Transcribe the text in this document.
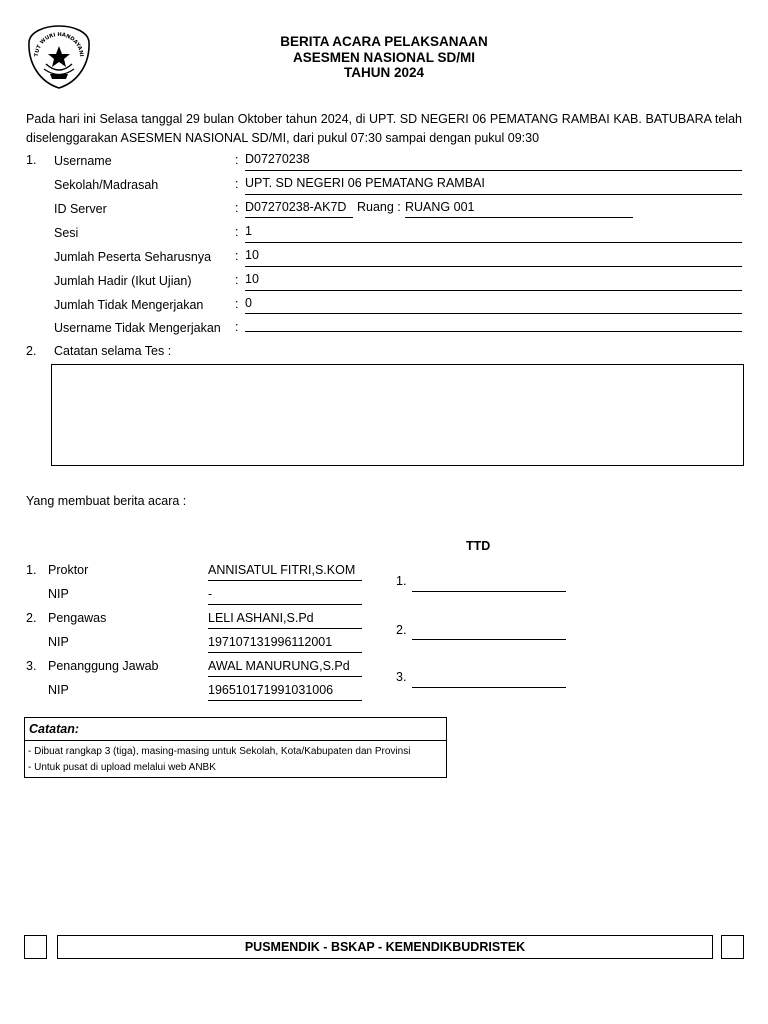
TUT WURI HANDAYANI
BERITA ACARA PELAKSANAAN
ASESMEN NASIONAL SD/MI
TAHUN 2024
Pada hari ini Selasa tanggal 29 bulan Oktober tahun 2024, di UPT. SD NEGERI 06 PEMATANG RAMBAI KAB. BATUBARA telah diselenggarakan ASESMEN NASIONAL SD/MI, dari pukul 07:30 sampai dengan pukul 09:30
1. Username	: D07270238
Sekolah/Madrasah	: UPT. SD NEGERI 06 PEMATANG RAMBAI
ID Server	: D07270238-AK7D Ruang : RUANG 001
Sesi	: 1
Jumlah Peserta Seharusnya : 10
Jumlah Hadir (Ikut Ujian)	: 10
Jumlah Tidak Mengerjakan	: 0
Username Tidak Mengerjakan :
2. Catatan selama Tes :
Yang membuat berita acara :
TTD
1. Proktor	ANNISATUL FITRI,S.KOM
NIP	-
1.
2. Pengawas	LELI ASHANI,S.Pd
NIP	197107131996112001
2.
3. Penanggung Jawab	AWAL MANURUNG,S.Pd
NIP	196510171991031006
3.
Catatan:
- Dibuat rangkap 3 (tiga), masing-masing untuk Sekolah, Kota/Kabupaten dan Provinsi
- Untuk pusat di upload melalui web ANBK
PUSMENDIK - BSKAP - KEMENDIKBUDRISTEK
